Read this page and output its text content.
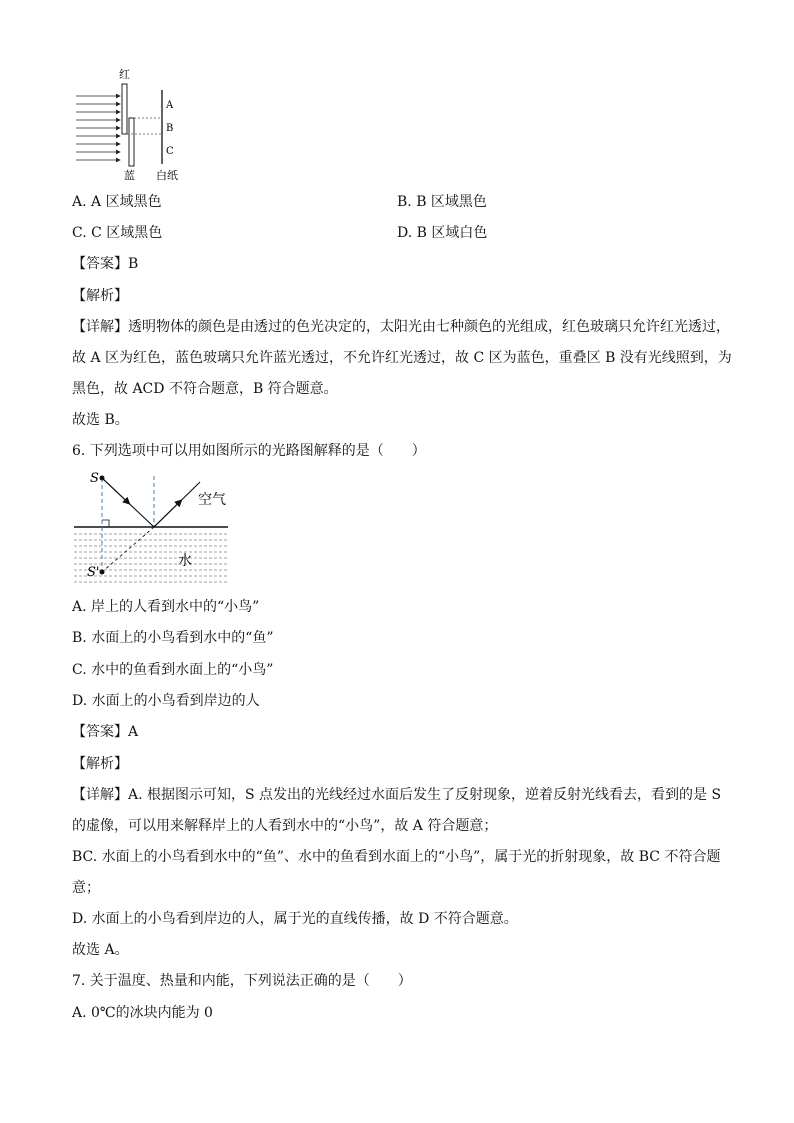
红
蓝
A
B
C
白纸
A. A 区域黑色	B. B 区域黑色
C. C 区域黑色	D. B 区域白色
【答案】B
【解析】
【详解】透明物体的颜色是由透过的色光决定的，太阳光由七种颜色的光组成，红色玻璃只允许红光透过，
故 A 区为红色，蓝色玻璃只允许蓝光透过，不允许红光透过，故 C 区为蓝色，重叠区 B 没有光线照到，为
黑色，故 ACD 不符合题意，B 符合题意。
故选 B。
6. 下列选项中可以用如图所示的光路图解释的是（　　）
S
S'
空气
水
A. 岸上的人看到水中的“小鸟”
B. 水面上的小鸟看到水中的“鱼”
C. 水中的鱼看到水面上的“小鸟”
D. 水面上的小鸟看到岸边的人
【答案】A
【解析】
【详解】A. 根据图示可知，S 点发出的光线经过水面后发生了反射现象，逆着反射光线看去，看到的是 S
的虚像，可以用来解释岸上的人看到水中的“小鸟”，故 A 符合题意；
BC. 水面上的小鸟看到水中的“鱼”、水中的鱼看到水面上的“小鸟”，属于光的折射现象，故 BC 不符合题
意；
D. 水面上的小鸟看到岸边的人，属于光的直线传播，故 D 不符合题意。
故选 A。
7. 关于温度、热量和内能，下列说法正确的是（　　）
A. 0℃的冰块内能为 0
